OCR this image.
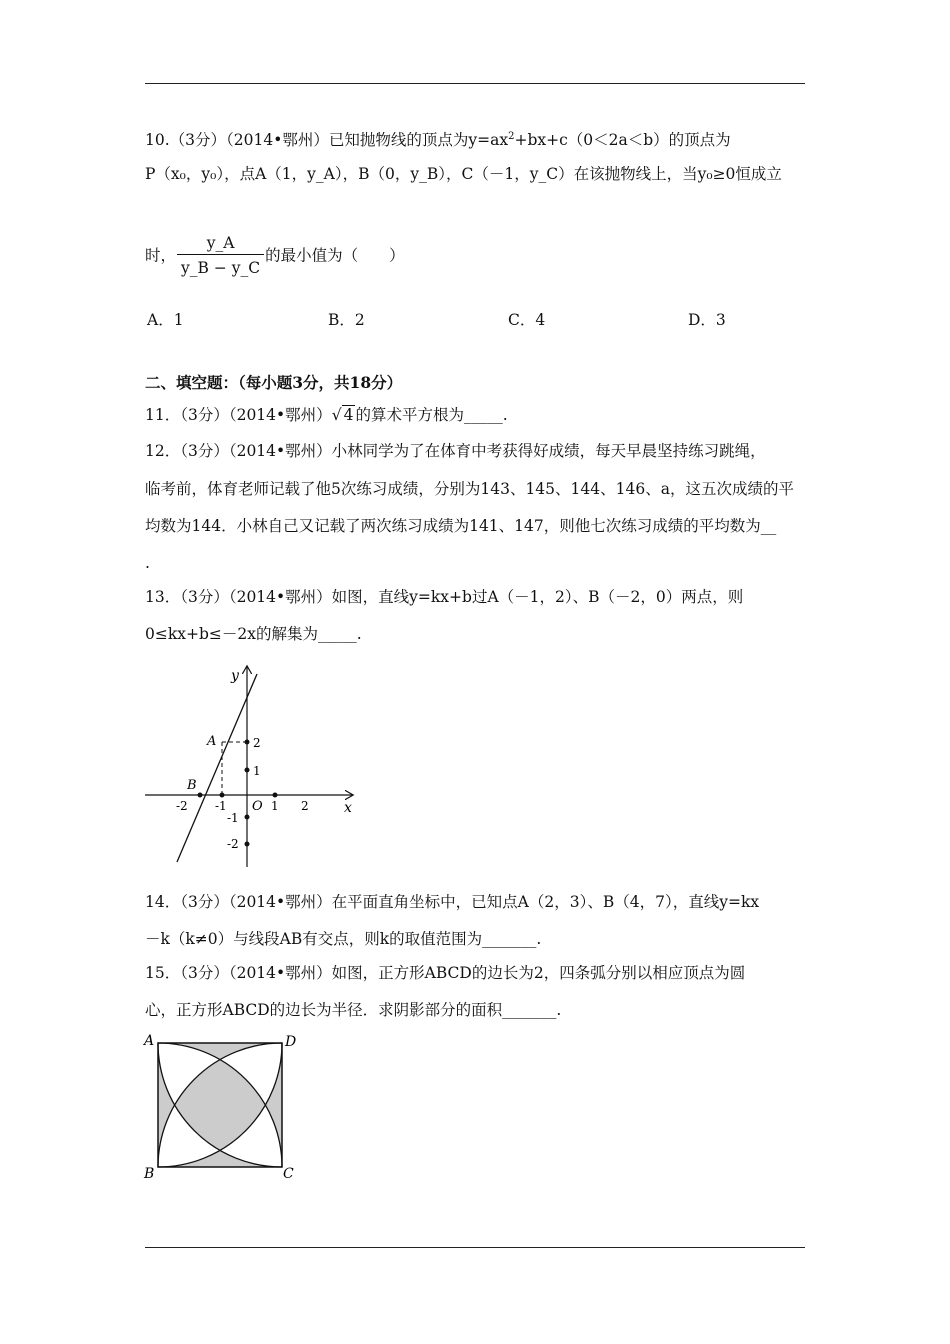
10.（3分）（2014•鄂州）已知抛物线的顶点为$y=ax^2+bx+c(0<2a<b)$的顶点为
P（x₀，y₀），点A（1，y_A），B（0，y_B），C（－1，y_C）在该抛物线上，当y₀≥0恒成立
时， $\frac{y\_A}{y\_B - y\_C}$ 的最小值为（　　）
A．1	B．2	C．4	D．3
二、填空题：（每小题3分，共18分）
11．（3分）（2014•鄂州）√ 4 的算术平方根为_____.
12．（3分）（2014•鄂州）小林同学为了在体育中考获得好成绩，每天早晨坚持练习跳绳，
临考前，体育老师记载了他5次练习成绩，分别为143、145、144、146、a，这五次成绩的平
均数为144．小林自己又记载了两次练习成绩为141、147，则他七次练习成绩的平均数为__
.
13．（3分）（2014•鄂州）如图，直线y=kx+b过A（－1，2）、B（－2，0）两点，则
0≤kx+b≤－2x的解集为_____.
y
x
O
A
B
-2 -1	1 2
2
1
-1
-2
14．（3分）（2014•鄂州）在平面直角坐标中，已知点A（2，3）、B（4，7），直线y=kx
－k（k≠0）与线段AB有交点，则k的取值范围为_______.
15．（3分）（2014•鄂州）如图，正方形ABCD的边长为2，四条弧分别以相应顶点为圆
心，正方形ABCD的边长为半径．求阴影部分的面积_______.
A	D
B	C
